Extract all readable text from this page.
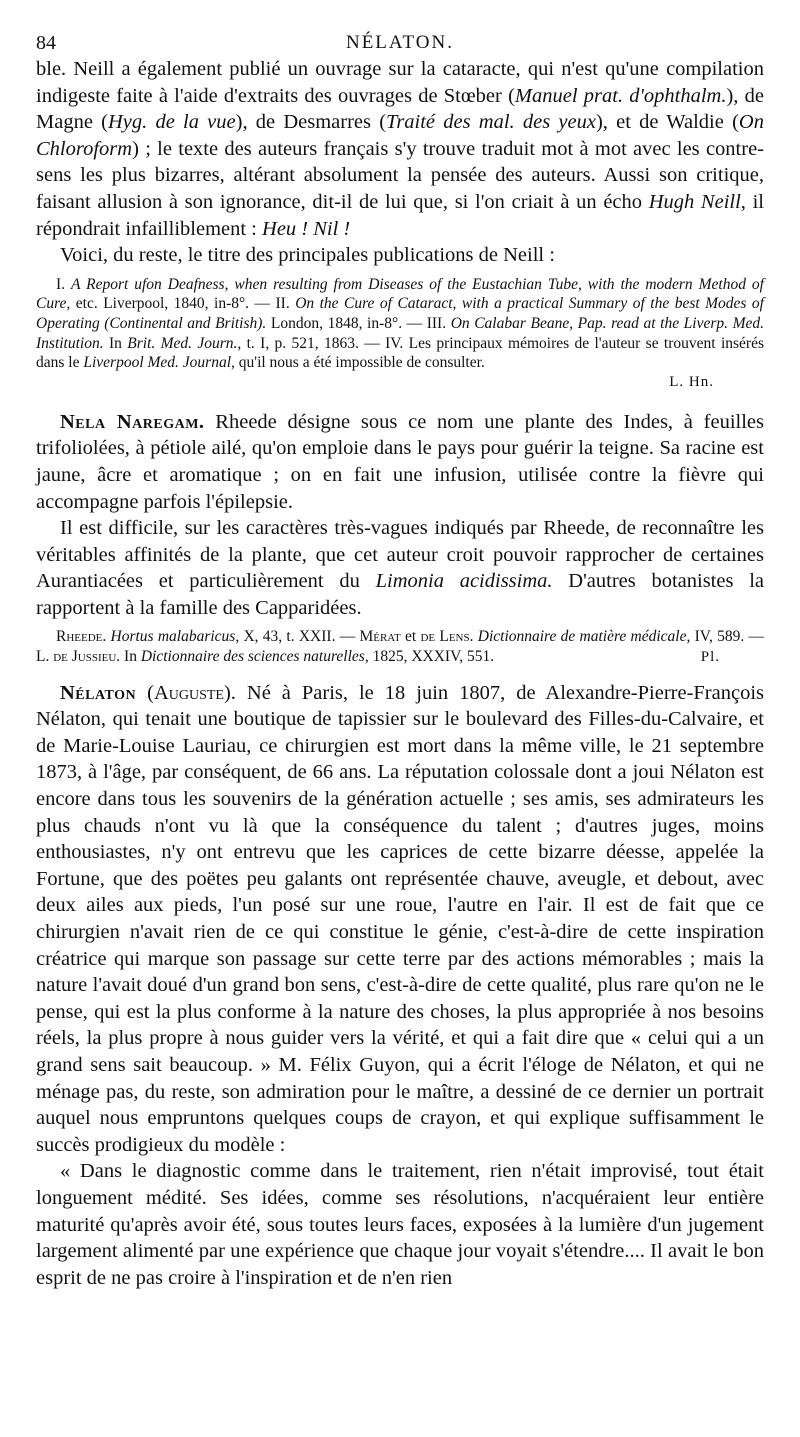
84	NÉLATON.

ble. Neill a également publié un ouvrage sur la cataracte, qui n'est qu'une compilation indigeste faite à l'aide d'extraits des ouvrages de Stœber (Manuel prat. d'ophthalm.), de Magne (Hyg. de la vue), de Desmarres (Traité des mal. des yeux), et de Waldie (On Chloroform) ; le texte des auteurs français s'y trouve traduit mot à mot avec les contre-sens les plus bizarres, altérant absolument la pensée des auteurs. Aussi son critique, faisant allusion à son ignorance, dit-il de lui que, si l'on criait à un écho Hugh Neill, il répondrait infailliblement : Heu ! Nil !

Voici, du reste, le titre des principales publications de Neill :

I. A Report ufon Deafness, when resulting from Diseases of the Eustachian Tube, with the modern Method of Cure, etc. Liverpool, 1840, in-8°. — II. On the Cure of Cataract, with a practical Summary of the best Modes of Operating (Continental and British). London, 1848, in-8°. — III. On Calabar Beane, Pap. read at the Liverp. Med. Institution. In Brit. Med. Journ., t. I, p. 521, 1863. — IV. Les principaux mémoires de l'auteur se trouvent insérés dans le Liverpool Med. Journal, qu'il nous a été impossible de consulter.

L. Hn.

Nela Naregam. Rheede désigne sous ce nom une plante des Indes, à feuilles trifoliolées, à pétiole ailé, qu'on emploie dans le pays pour guérir la teigne. Sa racine est jaune, âcre et aromatique ; on en fait une infusion, utilisée contre la fièvre qui accompagne parfois l'épilepsie.

Il est difficile, sur les caractères très-vagues indiqués par Rheede, de reconnaître les véritables affinités de la plante, que cet auteur croit pouvoir rapprocher de certaines Aurantiacées et particulièrement du Limonia acidissima. D'autres botanistes la rapportent à la famille des Capparidées.

Rheede. Hortus malabaricus, X, 43, t. XXII. — Mérat et de Lens. Dictionnaire de matière médicale, IV, 589. — L. de Jussieu. In Dictionnaire des sciences naturelles, 1825, XXXIV, 551.	Pl.

Nélaton (Auguste). Né à Paris, le 18 juin 1807, de Alexandre-Pierre-François Nélaton, qui tenait une boutique de tapissier sur le boulevard des Filles-du-Calvaire, et de Marie-Louise Lauriau, ce chirurgien est mort dans la même ville, le 21 septembre 1873, à l'âge, par conséquent, de 66 ans. La réputation colossale dont a joui Nélaton est encore dans tous les souvenirs de la génération actuelle ; ses amis, ses admirateurs les plus chauds n'ont vu là que la conséquence du talent ; d'autres juges, moins enthousiastes, n'y ont entrevu que les caprices de cette bizarre déesse, appelée la Fortune, que des poëtes peu galants ont représentée chauve, aveugle, et debout, avec deux ailes aux pieds, l'un posé sur une roue, l'autre en l'air. Il est de fait que ce chirurgien n'avait rien de ce qui constitue le génie, c'est-à-dire de cette inspiration créatrice qui marque son passage sur cette terre par des actions mémorables ; mais la nature l'avait doué d'un grand bon sens, c'est-à-dire de cette qualité, plus rare qu'on ne le pense, qui est la plus conforme à la nature des choses, la plus appropriée à nos besoins réels, la plus propre à nous guider vers la vérité, et qui a fait dire que « celui qui a un grand sens sait beaucoup. » M. Félix Guyon, qui a écrit l'éloge de Nélaton, et qui ne ménage pas, du reste, son admiration pour le maître, a dessiné de ce dernier un portrait auquel nous empruntons quelques coups de crayon, et qui explique suffisamment le succès prodigieux du modèle :

« Dans le diagnostic comme dans le traitement, rien n'était improvisé, tout était longuement médité. Ses idées, comme ses résolutions, n'acquéraient leur entière maturité qu'après avoir été, sous toutes leurs faces, exposées à la lumière d'un jugement largement alimenté par une expérience que chaque jour voyait s'étendre.... Il avait le bon esprit de ne pas croire à l'inspiration et de n'en rien
